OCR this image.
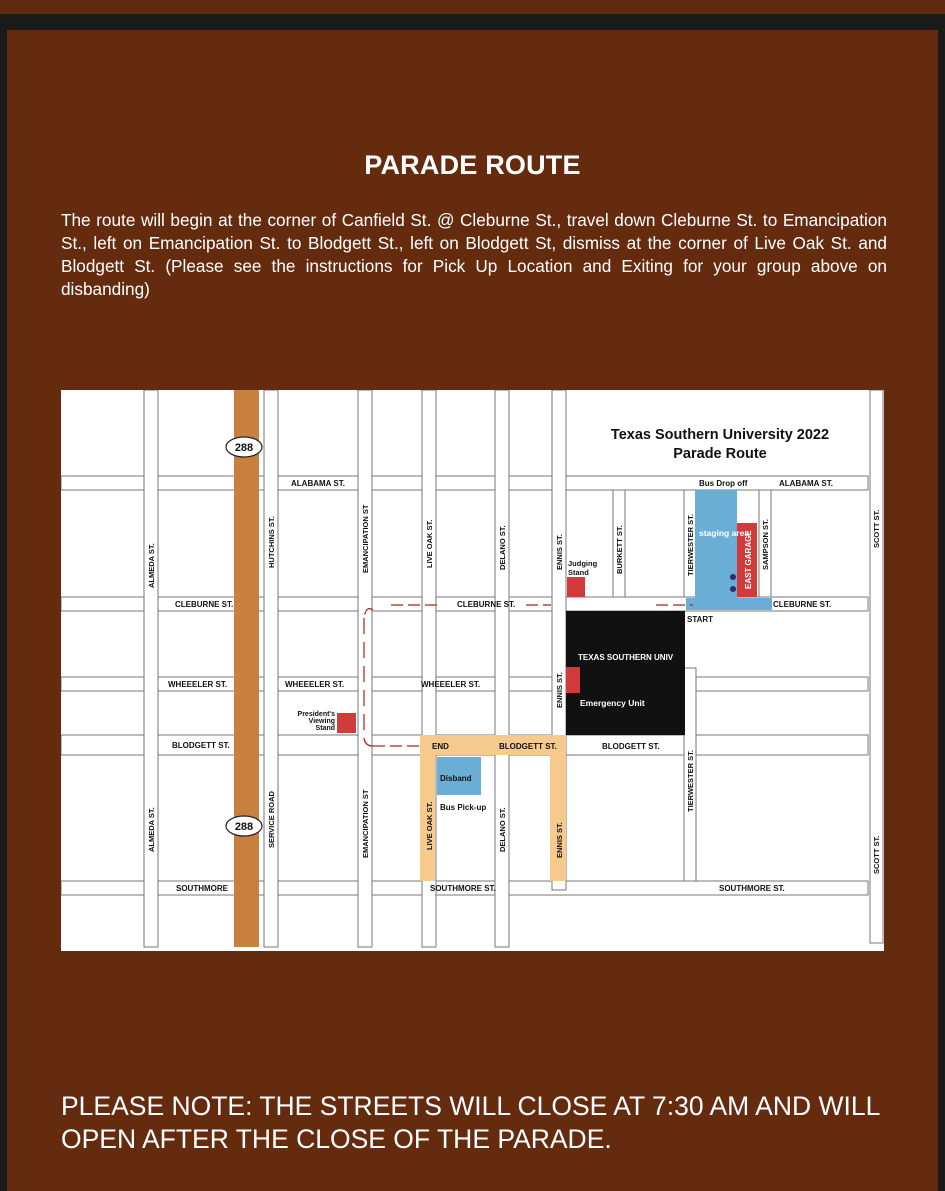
PARADE ROUTE
The route will begin at the corner of Canfield St. @ Cleburne St., travel down Cleburne St. to Emancipation St., left on Emancipation St. to Blodgett St., left on Blodgett St, dismiss at the corner of Live Oak St. and Blodgett St. (Please see the instructions for Pick Up Location and Exiting for your group above on disbanding)
288
288
Texas Southern University 2022
Parade Route
ALABAMA ST.	Bus Drop off	ALABAMA ST.
CLEBURNE ST.	CLEBURNE ST.	CLEBURNE ST.
START
WHEEELER ST.	WHEEELER ST.	WHEEELER ST.
BLODGETT ST.	END	BLODGETT ST.	BLODGETT ST.
SOUTHMORE	SOUTHMORE ST.	SOUTHMORE ST.
ALMEDA ST.
ALMEDA ST.
HUTCHINS ST.
SERVICE ROAD
EMANCIPATION ST
EMANCIPATION ST
LIVE OAK ST.
LIVE OAK ST.
DELANO ST.
DELANO ST.
ENNIS ST.
ENNIS ST.
ENNIS ST.
BURKETT ST.	TIERWESTER ST.
TIERWESTER ST.
SAMPSON ST.	SCOTT ST.
SCOTT ST.
EAST GARAGE
staging area
Judging
Stand
TEXAS SOUTHERN UNIV
Emergency Unit
President's
Viewing
Stand
Disband
Bus Pick-up
PLEASE NOTE: THE STREETS WILL CLOSE AT 7:30 AM AND WILL OPEN AFTER THE CLOSE OF THE PARADE.
